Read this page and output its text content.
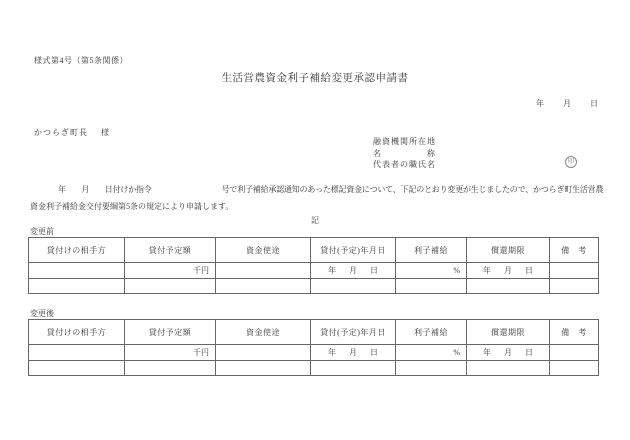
様式第4号（第5条関係）
生活営農資金利子補給変更承認申請書
年 月 日
かつらぎ町長 様
融資機関所在地
名	称
代表者の職氏名	印
年　　月　　日付けか指令	号で利子補給承認通知のあった標記資金について、下記のとおり変更が生じましたので、かつらぎ町生活営農
資金利子補給金交付要綱第5条の規定により申請します。
記
変更前
貸付けの相手方	貸付予定額	資金使途	貸付(予定)年月日	利子補給	償還期限	備　考
	千円		年 月 日	%	年 月 日	

変更後
貸付けの相手方	貸付予定額	資金使途	貸付(予定)年月日	利子補給	償還期限	備　考
	千円		年 月 日	%	年 月 日	
